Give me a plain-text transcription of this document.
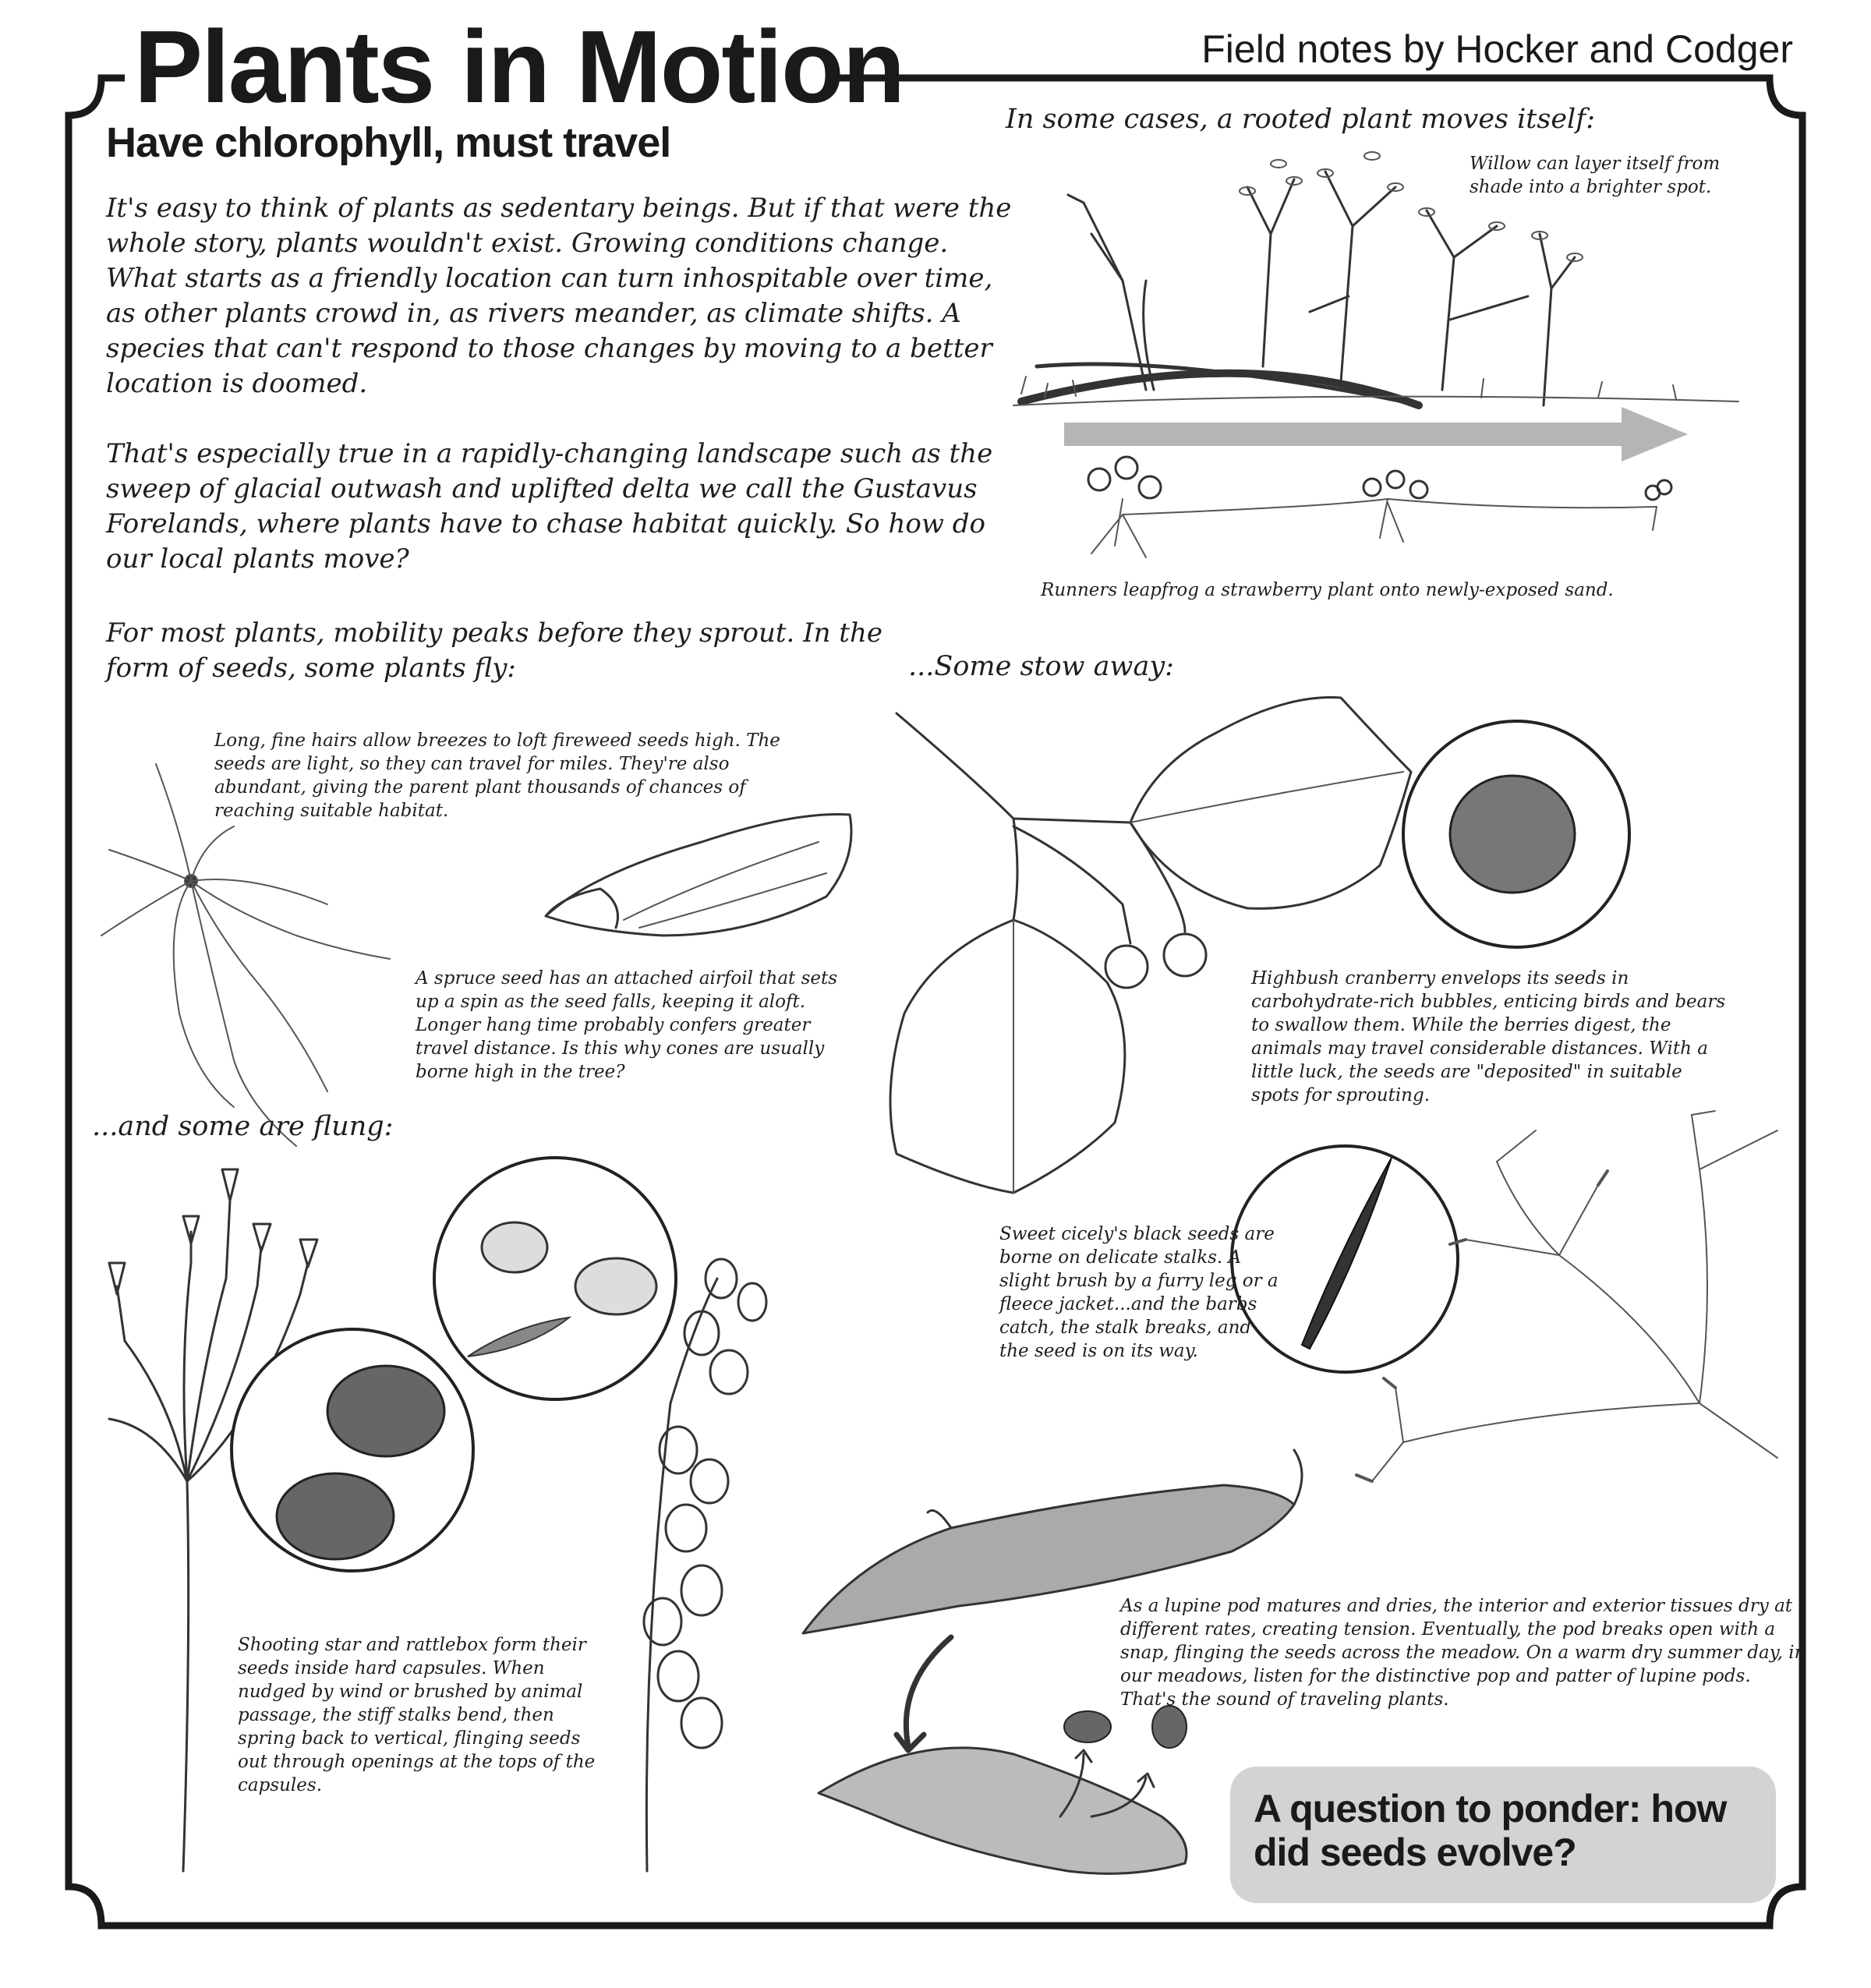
Plants in Motion	Field notes by Hocker and Codger
Have chlorophyll, must travel
It's easy to think of plants as sedentary beings. But if that were the whole story, plants wouldn't exist. Growing conditions change. What starts as a friendly location can turn inhospitable over time, as other plants crowd in, as rivers meander, as climate shifts. A species that can't respond to those changes by moving to a better location is doomed.
That's especially true in a rapidly-changing landscape such as the sweep of glacial outwash and uplifted delta we call the Gustavus Forelands, where plants have to chase habitat quickly. So how do our local plants move?
For most plants, mobility peaks before they sprout. In the form of seeds, some plants fly:
In some cases, a rooted plant moves itself:
Willow can layer itself from shade into a brighter spot.
Runners leapfrog a strawberry plant onto newly-exposed sand.
Long, fine hairs allow breezes to loft fireweed seeds high. The seeds are light, so they can travel for miles. They're also abundant, giving the parent plant thousands of chances of reaching suitable habitat.
A spruce seed has an attached airfoil that sets up a spin as the seed falls, keeping it aloft. Longer hang time probably confers greater travel distance. Is this why cones are usually borne high in the tree?
...Some stow away:
Highbush cranberry envelops its seeds in carbohydrate-rich bubbles, enticing birds and bears to swallow them. While the berries digest, the animals may travel considerable distances. With a little luck, the seeds are "deposited" in suitable spots for sprouting.
...and some are flung:
Sweet cicely's black seeds are borne on delicate stalks. A slight brush by a furry leg or a fleece jacket...and the barbs catch, the stalk breaks, and the seed is on its way.
Shooting star and rattlebox form their seeds inside hard capsules. When nudged by wind or brushed by animal passage, the stiff stalks bend, then spring back to vertical, flinging seeds out through openings at the tops of the capsules.
As a lupine pod matures and dries, the interior and exterior tissues dry at different rates, creating tension. Eventually, the pod breaks open with a snap, flinging the seeds across the meadow. On a warm dry summer day, in our meadows, listen for the distinctive pop and patter of lupine pods. That's the sound of traveling plants.
A question to ponder: how did seeds evolve?
